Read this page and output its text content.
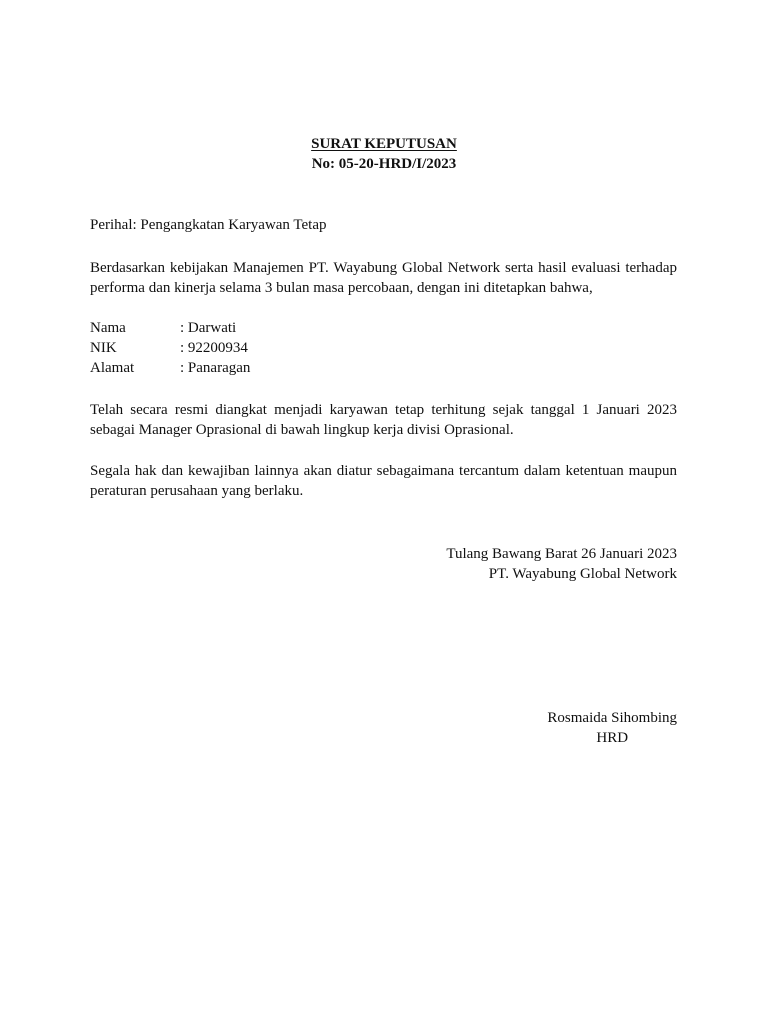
SURAT KEPUTUSAN
No: 05-20-HRD/I/2023
Perihal: Pengangkatan Karyawan Tetap
Berdasarkan kebijakan Manajemen PT. Wayabung Global Network serta hasil evaluasi terhadap performa dan kinerja selama 3 bulan masa percobaan, dengan ini ditetapkan bahwa,
Nama	: Darwati
NIK	: 92200934
Alamat	: Panaragan
Telah secara resmi diangkat menjadi karyawan tetap terhitung sejak tanggal 1 Januari 2023 sebagai Manager Oprasional di bawah lingkup kerja divisi Oprasional.
Segala hak dan kewajiban lainnya akan diatur sebagaimana tercantum dalam ketentuan maupun peraturan perusahaan yang berlaku.
Tulang Bawang Barat 26 Januari 2023
PT. Wayabung Global Network
Rosmaida Sihombing
HRD
